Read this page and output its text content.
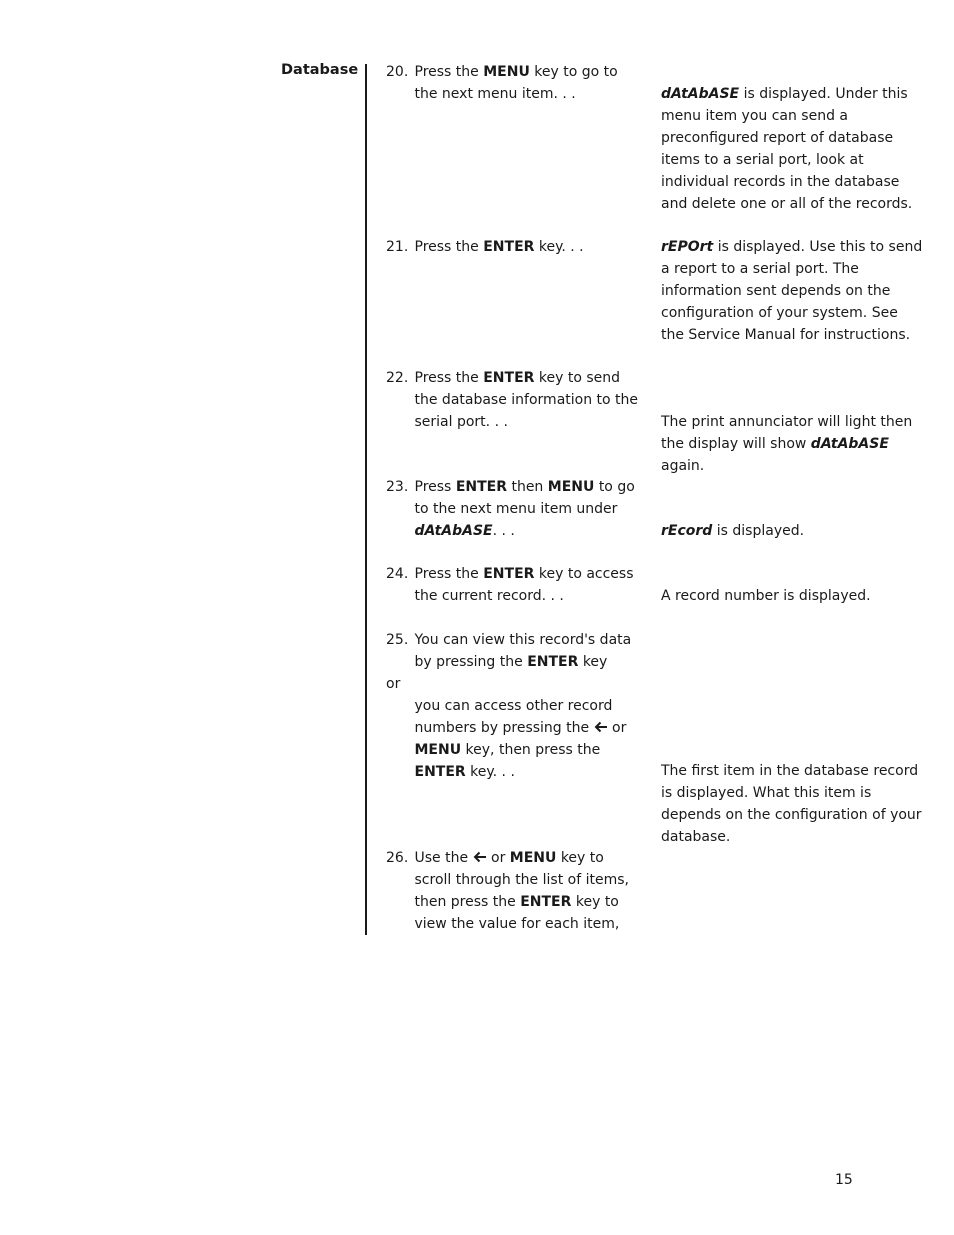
Database 20. Press the MENU key to go to the next menu item. . .	dAtAbASE is displayed. Under this menu item you can send a preconfigured report of database items to a serial port, look at individual records in the database and delete one or all of the records.
21. Press the ENTER key. . .	rEPOrt is displayed. Use this to send a report to a serial port. The information sent depends on the configuration of your system. See the Service Manual for instructions.
22. Press the ENTER key to send the database information to the serial port. . .	The print annunciator will light then the display will show dAtAbASE again.
23. Press ENTER then MENU to go to the next menu item under dAtAbASE. . .	rEcord is displayed.
24. Press the ENTER key to access the current record. . .	A record number is displayed.
25. You can view this record's data by pressing the ENTER key
or
you can access other record numbers by pressing the or MENU key, then press the ENTER key. . .	The first item in the database record is displayed. What this item is depends on the configuration of your database.
26. Use the or MENU key to scroll through the list of items, then press the ENTER key to view the value for each item,
15
